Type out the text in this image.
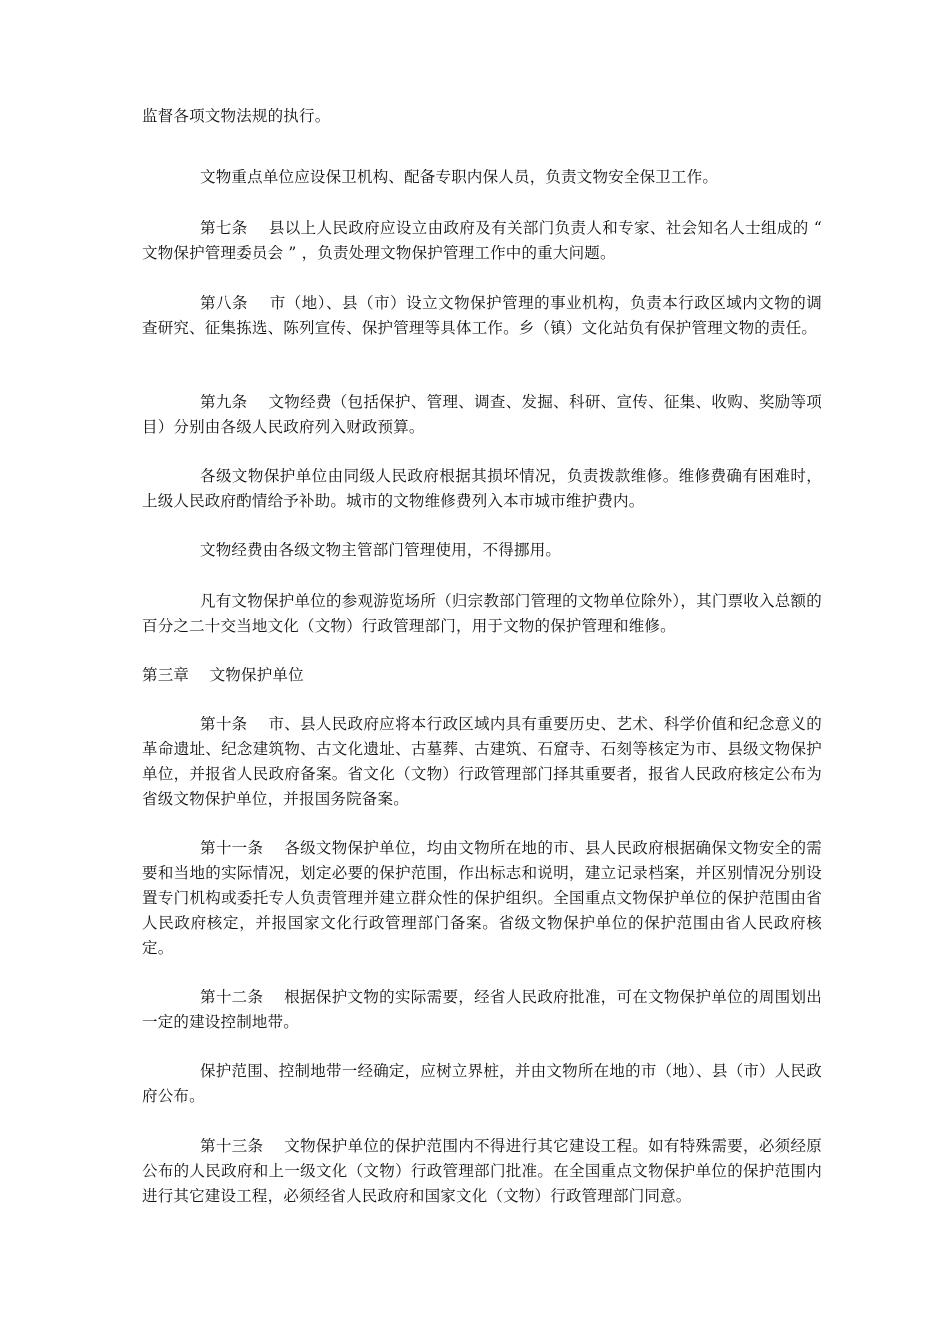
监督各项文物法规的执行。

文物重点单位应设保卫机构、配备专职内保人员，负责文物安全保卫工作。

第七条    县以上人民政府应设立由政府及有关部门负责人和专家、社会知名人士组成的 “ 文物保护管理委员会 ” ，负责处理文物保护管理工作中的重大问题。

第八条    市（地）、县（市）设立文物保护管理的事业机构，负责本行政区域内文物的调查研究、征集拣选、陈列宣传、保护管理等具体工作。乡（镇）文化站负有保护管理文物的责任。

第九条    文物经费（包括保护、管理、调查、发掘、科研、宣传、征集、收购、奖励等项目）分别由各级人民政府列入财政预算。

各级文物保护单位由同级人民政府根据其损坏情况，负责拨款维修。维修费确有困难时，上级人民政府酌情给予补助。城市的文物维修费列入本市城市维护费内。

文物经费由各级文物主管部门管理使用，不得挪用。

凡有文物保护单位的参观游览场所（归宗教部门管理的文物单位除外），其门票收入总额的百分之二十交当地文化（文物）行政管理部门，用于文物的保护管理和维修。

第三章    文物保护单位

第十条    市、县人民政府应将本行政区域内具有重要历史、艺术、科学价值和纪念意义的革命遗址、纪念建筑物、古文化遗址、古墓葬、古建筑、石窟寺、石刻等核定为市、县级文物保护单位，并报省人民政府备案。省文化（文物）行政管理部门择其重要者，报省人民政府核定公布为省级文物保护单位，并报国务院备案。

第十一条    各级文物保护单位，均由文物所在地的市、县人民政府根据确保文物安全的需要和当地的实际情况，划定必要的保护范围，作出标志和说明，建立记录档案，并区别情况分别设置专门机构或委托专人负责管理并建立群众性的保护组织。全国重点文物保护单位的保护范围由省人民政府核定，并报国家文化行政管理部门备案。省级文物保护单位的保护范围由省人民政府核定。

第十二条    根据保护文物的实际需要，经省人民政府批准，可在文物保护单位的周围划出一定的建设控制地带。

保护范围、控制地带一经确定，应树立界桩，并由文物所在地的市（地）、县（市）人民政府公布。

第十三条    文物保护单位的保护范围内不得进行其它建设工程。如有特殊需要，必须经原公布的人民政府和上一级文化（文物）行政管理部门批准。在全国重点文物保护单位的保护范围内进行其它建设工程，必须经省人民政府和国家文化（文物）行政管理部门同意。
